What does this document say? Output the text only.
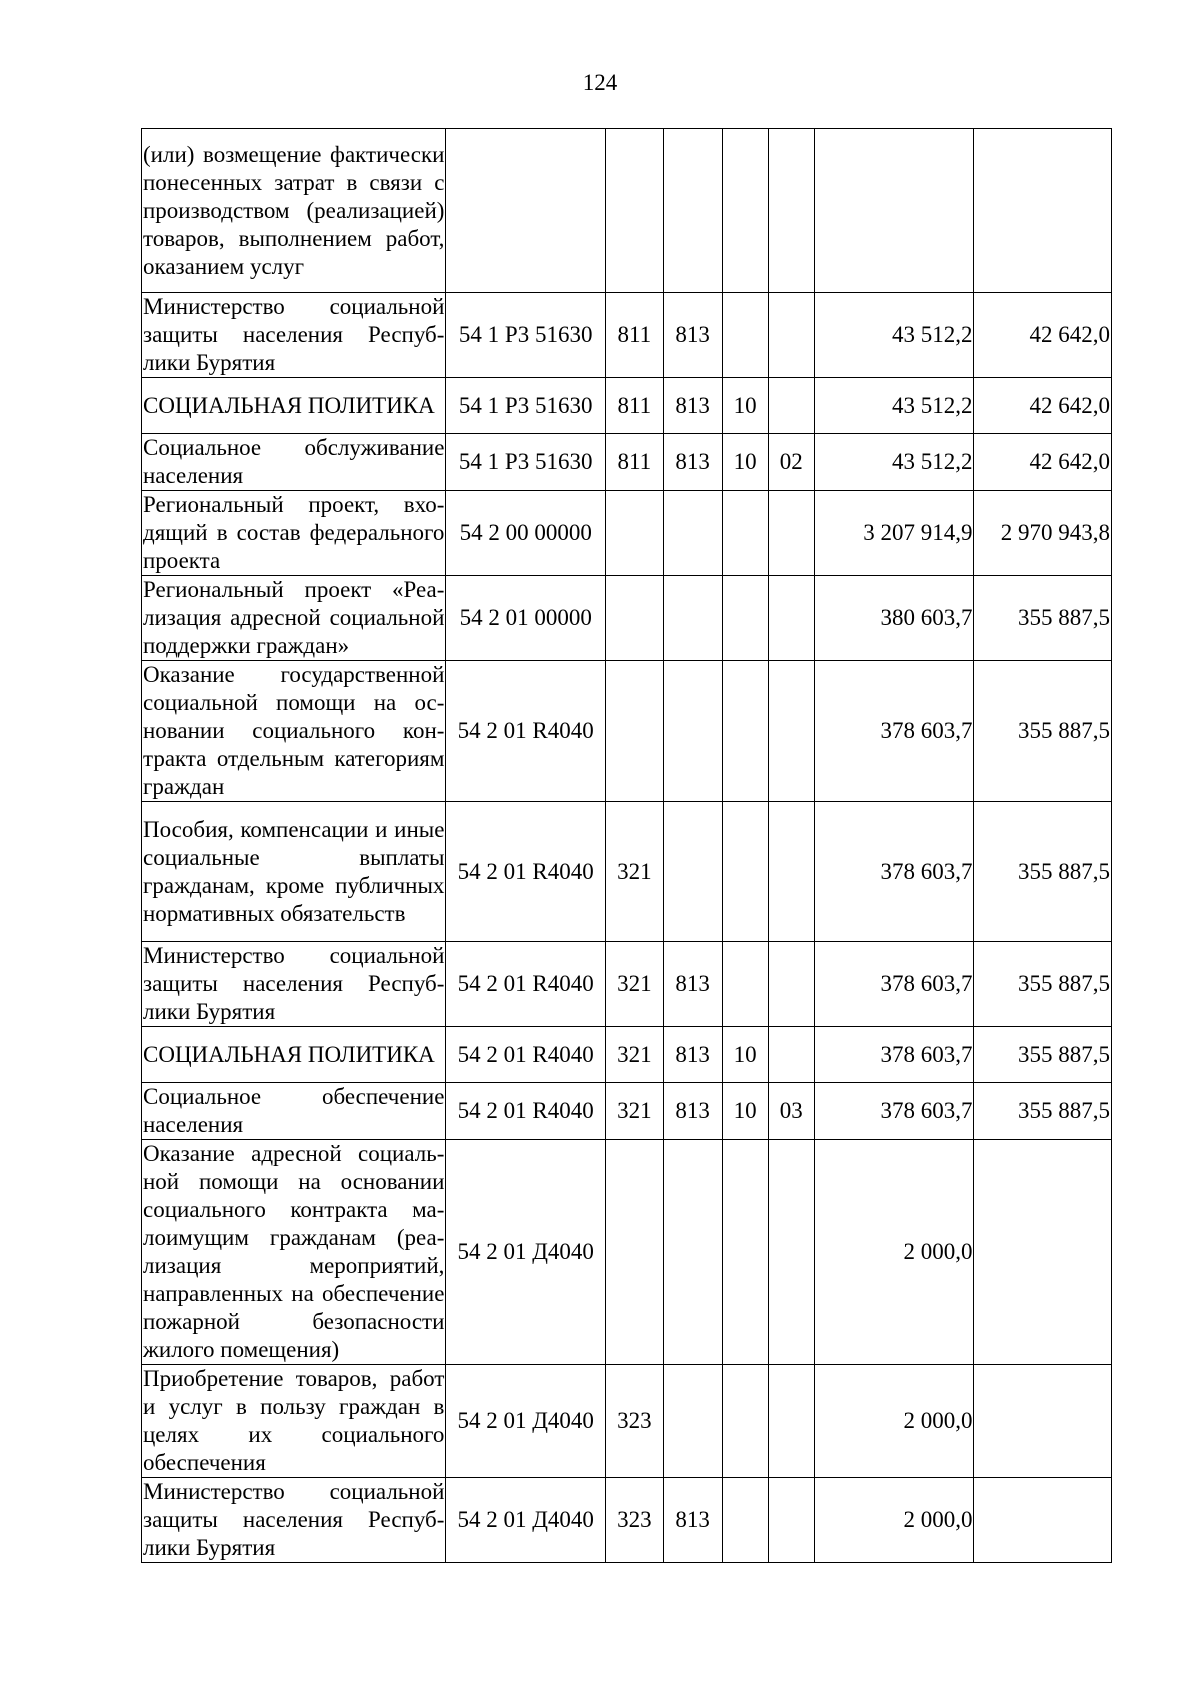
124
(или) возмещение фактически понесенных затрат в связи с производством (реализацией) товаров, выполнением работ, оказанием услуг							
Министерство социальной защиты населения Республики Бурятия	54 1 Р3 51630	811	813			43 512,2	42 642,0
СОЦИАЛЬНАЯ ПОЛИТИКА	54 1 Р3 51630	811	813	10		43 512,2	42 642,0
Социальное обслуживание населения	54 1 Р3 51630	811	813	10	02	43 512,2	42 642,0
Региональный проект, входящий в состав федерального проекта	54 2 00 00000					3 207 914,9	2 970 943,8
Региональный проект «Реализация адресной социальной поддержки граждан»	54 2 01 00000					380 603,7	355 887,5
Оказание государственной социальной помощи на основании социального контракта отдельным категориям граждан	54 2 01 R4040					378 603,7	355 887,5
Пособия, компенсации и иные социальные выплаты гражданам, кроме публичных нормативных обязательств	54 2 01 R4040	321				378 603,7	355 887,5
Министерство социальной защиты населения Республики Бурятия	54 2 01 R4040	321	813			378 603,7	355 887,5
СОЦИАЛЬНАЯ ПОЛИТИКА	54 2 01 R4040	321	813	10		378 603,7	355 887,5
Социальное обеспечение населения	54 2 01 R4040	321	813	10	03	378 603,7	355 887,5
Оказание адресной социальной помощи на основании социального контракта малоимущим гражданам (реализация мероприятий, направленных на обеспечение пожарной безопасности жилого помещения)	54 2 01 Д4040					2 000,0	
Приобретение товаров, работ и услуг в пользу граждан в целях их социального обеспечения	54 2 01 Д4040	323				2 000,0	
Министерство социальной защиты населения Республики Бурятия	54 2 01 Д4040	323	813			2 000,0	
